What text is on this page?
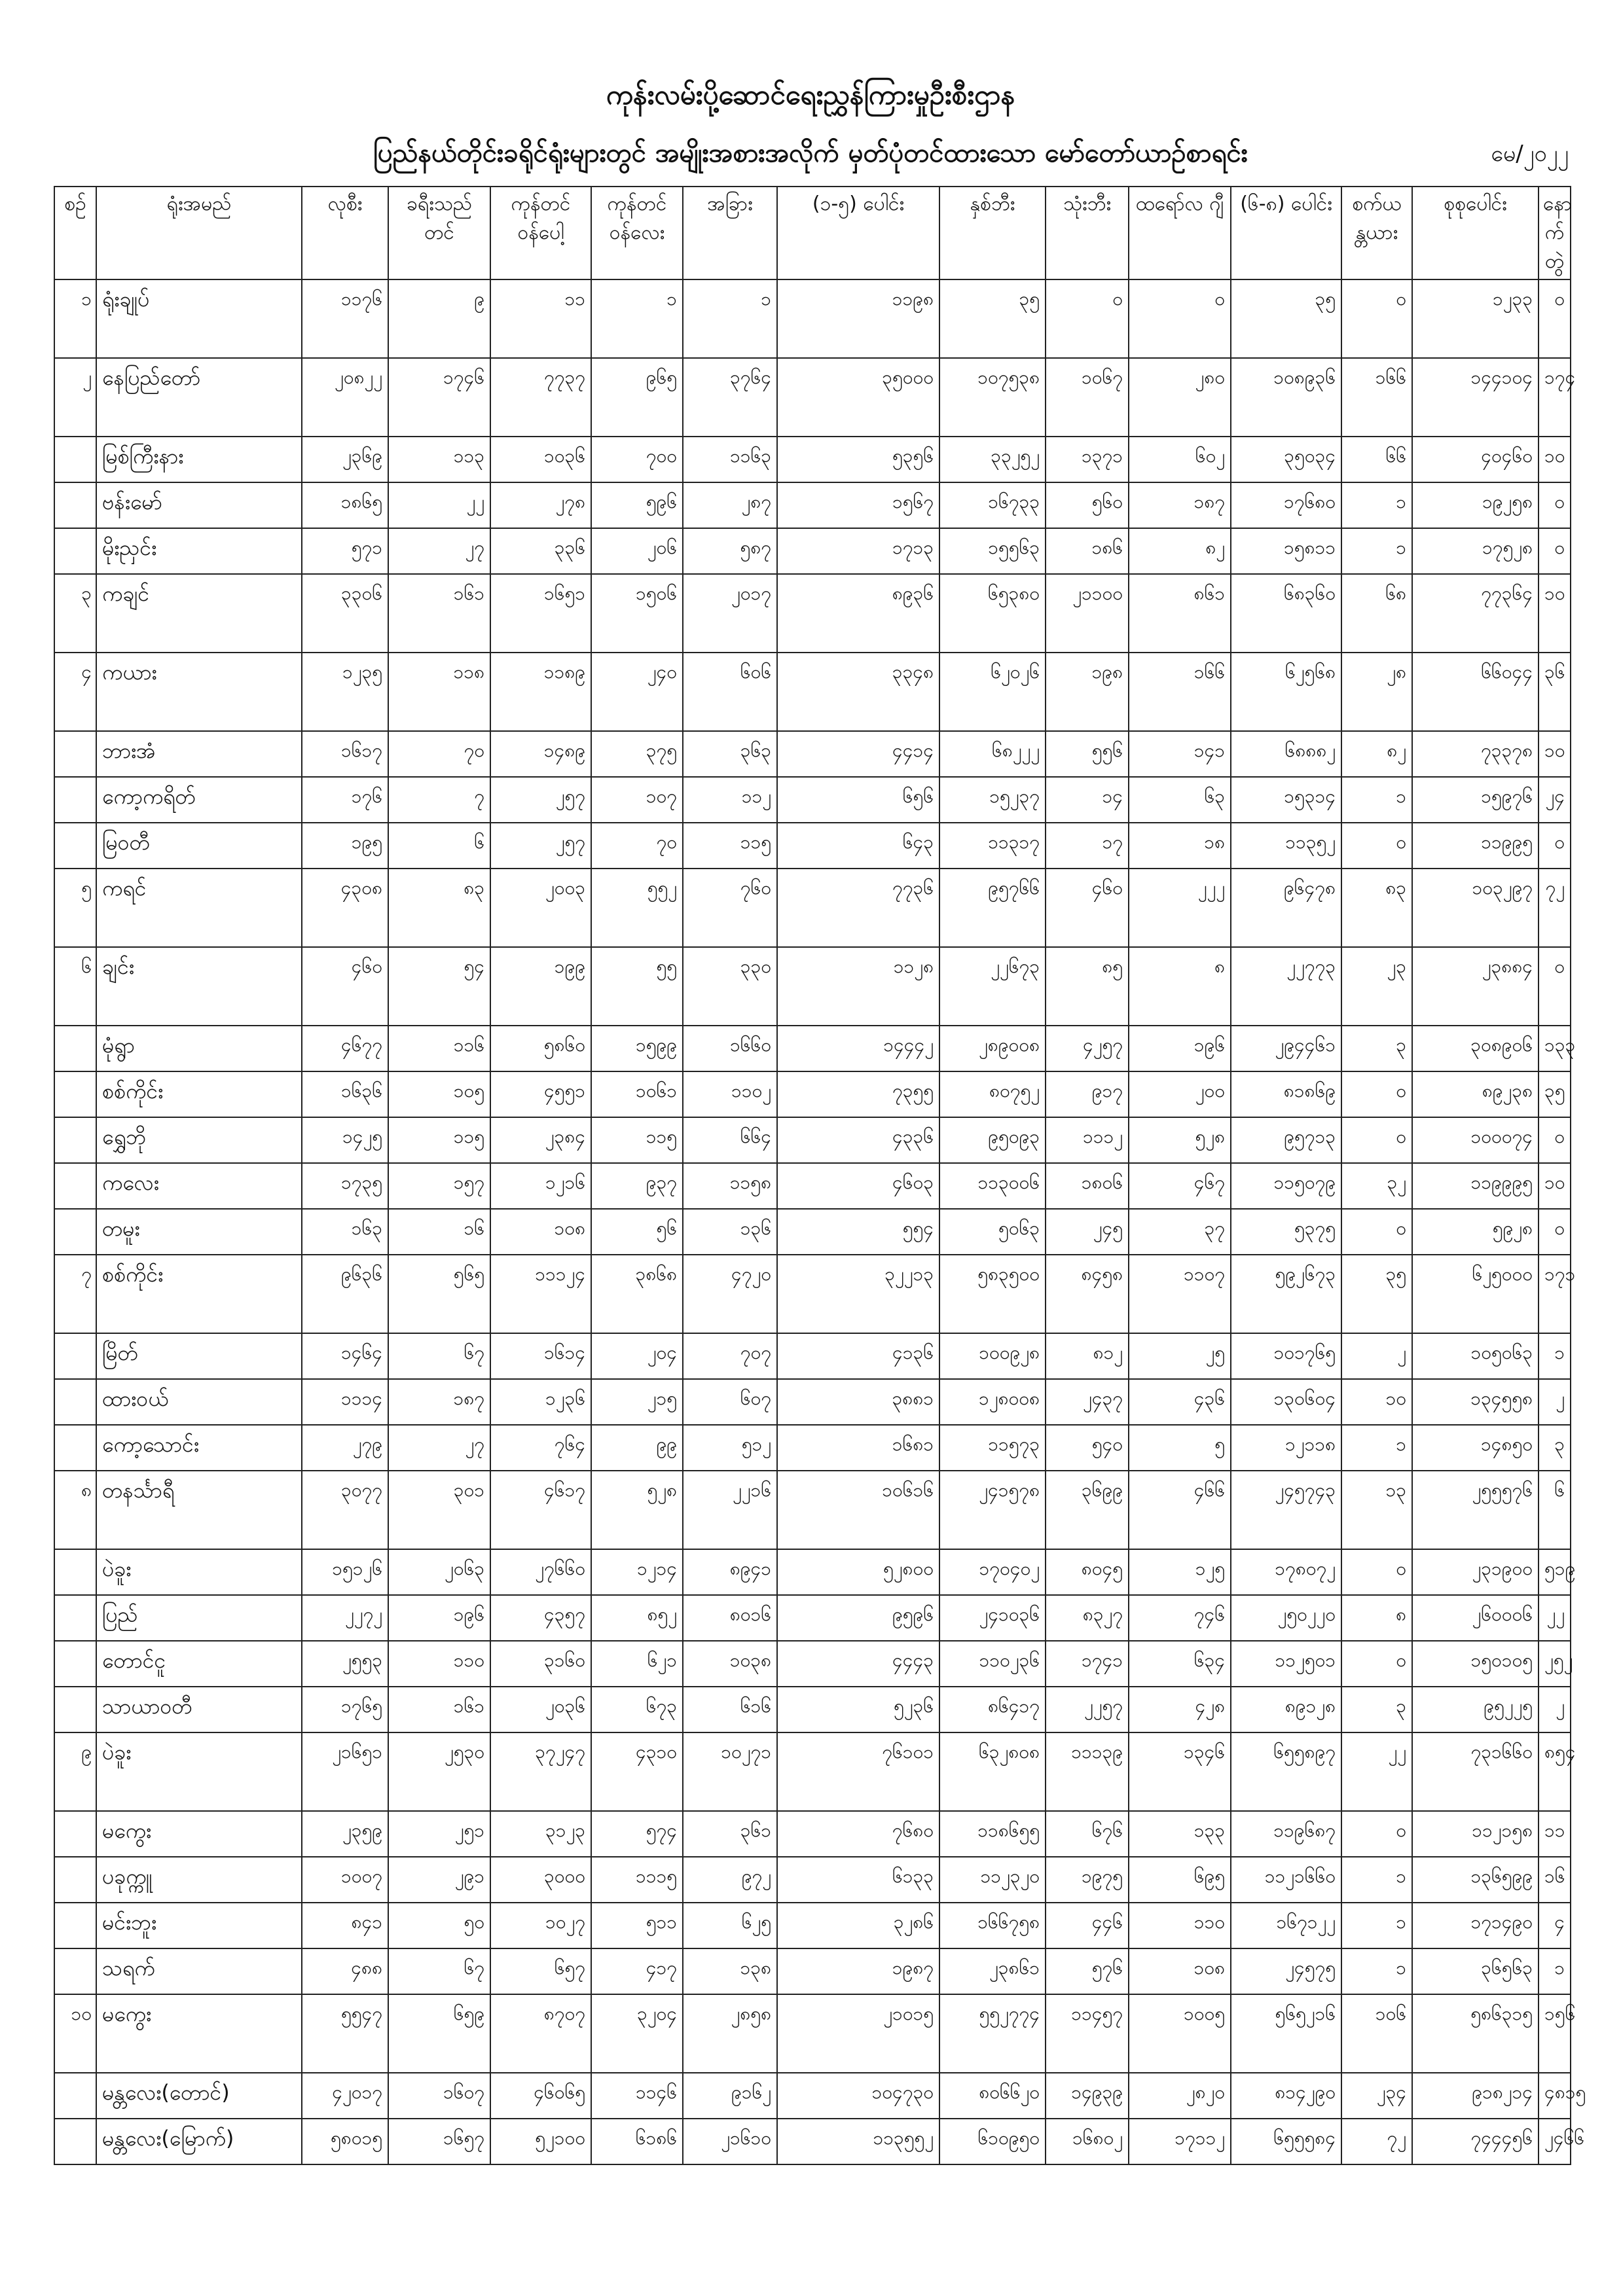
ကုန်းလမ်းပို့ဆောင်ရေးညွှန်ကြားမှုဦးစီးဌာန
ပြည်နယ်တိုင်းခရိုင်ရုံးများတွင် အမျိုးအစားအလိုက် မှတ်ပုံတင်ထားသော မော်တော်ယာဉ်စာရင်း	မေ/၂၀၂၂
စဉ်	ရုံးအမည်	လုစီး	ခရီးသည် တင်	ကုန်တင် ဝန်ပေါ့	ကုန်တင် ဝန်လေး	အခြား	(၁-၅) ပေါင်း	နှစ်ဘီး	သုံးဘီး	ထရော်လ ဂျီ	(၆-၈) ပေါင်း	စက်ယ န္တယား	စုစုပေါင်း	နော က်တွဲ
၁	ရုံးချုပ်	၁၁၇၆	၉	၁၁	၁	၁	၁၁၉၈	၃၅	၀	၀	၃၅	၀	၁၂၃၃	၀
၂	နေပြည်တော်	၂၀၈၂၂	၁၇၄၆	၇၇၃၇	၉၆၅	၃၇၆၄	၃၅၀၀၀	၁၀၇၅၃၈	၁၀၆၇	၂၈၀	၁၀၈၉၃၆	၁၆၆	၁၄၄၁၀၄	၁၇၄
	မြစ်ကြီးနား	၂၃၆၉	၁၁၃	၁၀၃၆	၇၀၀	၁၁၆၃	၅၃၅၆	၃၃၂၅၂	၁၃၇၁	၆၀၂	၃၅၀၃၄	၆၆	၄၀၄၆၀	၁၀
	ဗန်းမော်	၁၈၆၅	၂၂	၂၇၈	၅၉၆	၂၈၇	၁၅၆၇	၁၆၇၃၃	၅၆၀	၁၈၇	၁၇၆၈၀	၁	၁၉၂၅၈	၀
	မိုးညှင်း	၅၇၁	၂၇	၃၃၆	၂၀၆	၅၈၇	၁၇၁၃	၁၅၅၆၃	၁၈၆	၈၂	၁၅၈၁၁	၁	၁၇၅၂၈	၀
၃	ကချင်	၃၃၀၆	၁၆၁	၁၆၅၁	၁၅၀၆	၂၀၁၇	၈၉၃၆	၆၅၃၈၀	၂၁၁၀၀	၈၆၁	၆၈၃၆၀	၆၈	၇၇၃၆၄	၁၀
၄	ကယား	၁၂၃၅	၁၁၈	၁၁၈၉	၂၄၀	၆၀၆	၃၃၄၈	၆၂၀၂၆	၁၉၈	၁၆၆	၆၂၅၆၈	၂၈	၆၆၀၄၄	၃၆
	ဘားအံ	၁၆၁၇	၇၀	၁၄၈၉	၃၇၅	၃၆၃	၄၄၁၄	၆၈၂၂၂	၅၅၆	၁၄၁	၆၈၈၈၂	၈၂	၇၃၃၇၈	၁၀
	ကော့ကရိတ်	၁၇၆	၇	၂၅၇	၁၀၇	၁၁၂	၆၅၆	၁၅၂၃၇	၁၄	၆၃	၁၅၃၁၄	၁	၁၅၉၇၆	၂၄
	မြဝတီ	၁၉၅	၆	၂၅၇	၇၀	၁၁၅	၆၄၃	၁၁၃၁၇	၁၇	၁၈	၁၁၃၅၂	၀	၁၁၉၉၅	၀
၅	ကရင်	၄၃၀၈	၈၃	၂၀၀၃	၅၅၂	၇၆၀	၇၇၃၆	၉၅၇၆၆	၄၆၀	၂၂၂	၉၆၄၇၈	၈၃	၁၀၃၂၉၇	၇၂
၆	ချင်း	၄၆၀	၅၄	၁၉၉	၅၅	၃၃၀	၁၁၂၈	၂၂၆၇၃	၈၅	၈	၂၂၇၇၃	၂၃	၂၃၈၈၄	၀
	မုံရွာ	၄၆၇၇	၁၁၆	၅၈၆၀	၁၅၉၉	၁၆၆၀	၁၄၄၄၂	၂၈၉၀၀၈	၄၂၅၇	၁၉၆	၂၉၄၄၆၁	၃	၃၀၈၉၀၆	၁၃၃
	စစ်ကိုင်း	၁၆၃၆	၁၀၅	၄၅၅၁	၁၀၆၁	၁၁၀၂	၇၃၅၅	၈၀၇၅၂	၉၁၇	၂၀၀	၈၁၈၆၉	၀	၈၉၂၃၈	၃၅
	ရွှေဘို	၁၄၂၅	၁၁၅	၂၃၈၄	၁၁၅	၆၆၄	၄၃၃၆	၉၅၀၉၃	၁၁၁၂	၅၂၈	၉၅၇၁၃	၀	၁၀၀၀၇၄	၀
	ကလေး	၁၇၃၅	၁၅၇	၁၂၁၆	၉၃၇	၁၁၅၈	၄၆၀၃	၁၁၃၀၀၆	၁၈၀၆	၄၆၇	၁၁၅၀၇၉	၃၂	၁၁၉၉၉၅	၁၀
	တမူး	၁၆၃	၁၆	၁၀၈	၅၆	၁၃၆	၅၅၄	၅၀၆၃	၂၄၅	၃၇	၅၃၇၅	၀	၅၉၂၈	၀
၇	စစ်ကိုင်း	၉၆၃၆	၅၆၅	၁၁၁၂၄	၃၈၆၈	၄၇၂၀	၃၂၂၁၃	၅၈၃၅၀၀	၈၄၅၈	၁၁၀၇	၅၉၂၆၇၃	၃၅	၆၂၅၀၀၀	၁၇၁
	မြိတ်	၁၄၆၄	၆၇	၁၆၁၄	၂၀၄	၇၀၇	၄၁၃၆	၁၀၀၉၂၈	၈၁၂	၂၅	၁၀၁၇၆၅	၂	၁၀၅၀၆၃	၁
	ထားဝယ်	၁၁၁၄	၁၈၇	၁၂၃၆	၂၁၅	၆၀၇	၃၈၈၁	၁၂၈၀၀၈	၂၄၃၇	၄၃၆	၁၃၀၆၀၄	၁၀	၁၃၄၅၅၈	၂
	ကော့သောင်း	၂၇၉	၂၇	၇၆၄	၉၉	၅၁၂	၁၆၈၁	၁၁၅၇၃	၅၄၀	၅	၁၂၁၁၈	၁	၁၄၈၅၀	၃
၈	တနင်္သာရီ	၃၀၇၇	၃၀၁	၄၆၁၇	၅၂၈	၂၂၁၆	၁၀၆၁၆	၂၄၁၅၇၈	၃၆၉၉	၄၆၆	၂၄၅၇၄၃	၁၃	၂၅၅၅၇၆	၆
	ပဲခူး	၁၅၁၂၆	၂၀၆၃	၂၇၆၆၀	၁၂၁၄	၈၉၄၁	၅၂၈၀၀	၁၇၀၄၀၂	၈၀၄၅	၁၂၅	၁၇၈၀၇၂	၀	၂၃၁၉၀၀	၅၁၉
	ပြည်	၂၂၇၂	၁၉၆	၄၃၅၇	၈၅၂	၈၀၁၆	၉၅၉၆	၂၄၁၀၃၆	၈၃၂၇	၇၄၆	၂၅၀၂၂၀	၈	၂၆၀၀၀၆	၂၂
	တောင်ငူ	၂၅၅၃	၁၁၀	၃၁၆၀	၆၂၁	၁၀၃၈	၄၄၄၃	၁၁၀၂၃၆	၁၇၄၁	၆၃၄	၁၁၂၅၀၁	၀	၁၅၀၁၀၅	၂၅၂
	သာယာဝတီ	၁၇၆၅	၁၆၁	၂၀၃၆	၆၇၃	၆၁၆	၅၂၃၆	၈၆၄၁၇	၂၂၅၇	၄၂၈	၈၉၁၂၈	၃	၉၅၂၂၅	၂
၉	ပဲခူး	၂၁၆၅၁	၂၅၃၀	၃၇၂၄၇	၄၃၁၀	၁၀၂၇၁	၇၆၁၀၁	၆၃၂၈၀၈	၁၁၁၃၉	၁၃၄၆	၆၅၅၈၉၇	၂၂	၇၃၁၆၆၀	၈၅၄
	မကွေး	၂၃၅၉	၂၅၁	၃၁၂၃	၅၇၄	၃၆၁	၇၆၈၀	၁၁၈၆၅၅	၆၇၆	၁၃၃	၁၁၉၆၈၇	၀	၁၁၂၁၅၈	၁၁
	ပခုက္ကူ	၁၀၀၇	၂၉၁	၃၀၀၀	၁၁၁၅	၉၇၂	၆၁၃၃	၁၁၂၃၂၀	၁၉၇၅	၆၉၅	၁၁၂၁၆၆၀	၁	၁၃၆၅၉၉	၁၆
	မင်းဘူး	၈၄၁	၅၀	၁၀၂၇	၅၁၁	၆၂၅	၃၂၈၆	၁၆၆၇၅၈	၄၄၆	၁၁၀	၁၆၇၁၂၂	၁	၁၇၁၄၉၀	၄
	သရက်	၄၈၈	၆၇	၆၅၇	၄၁၇	၁၃၈	၁၉၈၇	၂၃၈၆၁	၅၇၆	၁၀၈	၂၄၅၇၅	၁	၃၆၅၆၃	၁
၁၀	မကွေး	၅၅၄၇	၆၅၉	၈၇၀၇	၃၂၀၄	၂၈၅၈	၂၁၀၁၅	၅၅၂၇၇၄	၁၁၄၅၇	၁၀၀၅	၅၆၅၂၁၆	၁၀၆	၅၈၆၃၁၅	၁၅၆
	မန္တလေး(တောင်)	၄၂၀၁၇	၁၆၀၇	၄၆၀၆၅	၁၁၄၆	၉၁၆၂	၁၀၄၇၃၀	၈၀၆၆၂၀	၁၄၉၃၉	၂၈၂၀	၈၁၄၂၉၀	၂၃၄	၉၁၈၂၁၄	၄၈၁၅
	မန္တလေး(မြောက်)	၅၈၀၁၅	၁၆၅၇	၅၂၁၀၀	၆၁၈၆	၂၁၆၁၀	၁၁၃၅၅၂	၆၁၀၉၅၀	၁၆၈၀၂	၁၇၁၁၂	၆၅၅၅၈၄	၇၂	၇၄၄၄၅၆	၂၄၆၆
